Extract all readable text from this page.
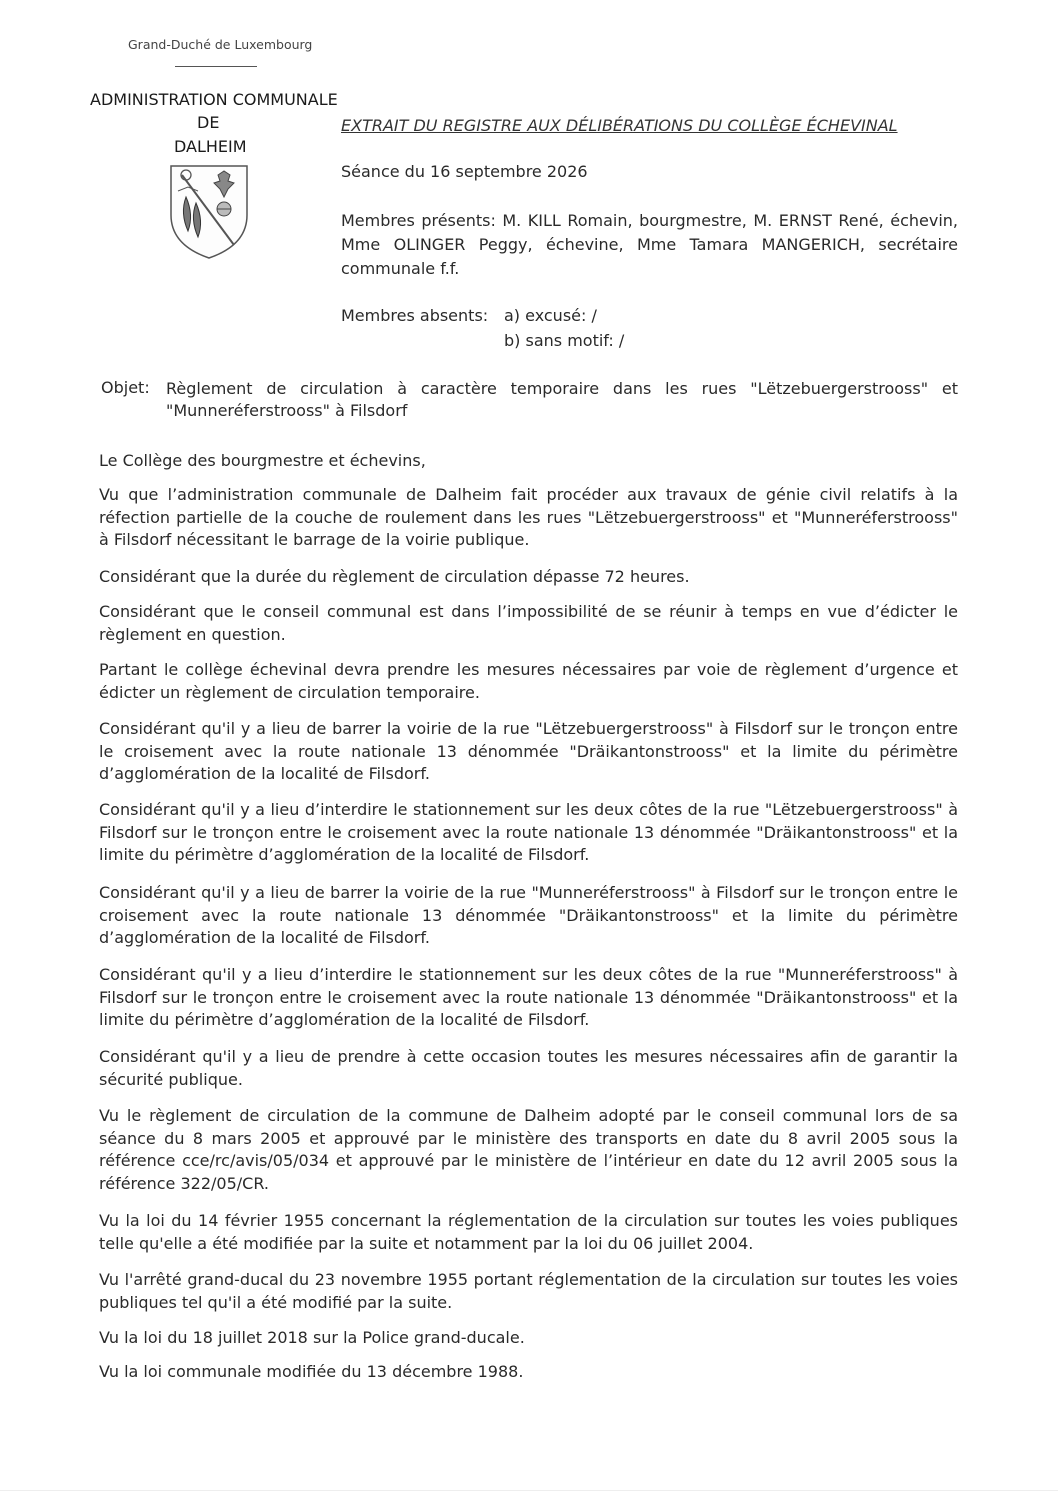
Grand-Duché de Luxembourg
ADMINISTRATION COMMUNALE
DE
DALHEIM
EXTRAIT DU REGISTRE AUX DÉLIBÉRATIONS DU COLLÈGE ÉCHEVINAL
Séance du 16 septembre 2026
Membres présents: M. KILL Romain, bourgmestre, M. ERNST René, échevin, Mme OLINGER Peggy, échevine, Mme Tamara MANGERICH, secrétaire communale f.f.
Membres absents: a) excusé: /
b) sans motif: /
Objet: Règlement de circulation à caractère temporaire dans les rues "Lëtzebuergerstrooss" et "Munneréferstrooss" à Filsdorf
Le Collège des bourgmestre et échevins,

Vu que l’administration communale de Dalheim fait procéder aux travaux de génie civil relatifs à la réfection partielle de la couche de roulement dans les rues "Lëtzebuergerstrooss" et "Munneréferstrooss" à Filsdorf nécessitant le barrage de la voirie publique.

Considérant que la durée du règlement de circulation dépasse 72 heures.

Considérant que le conseil communal est dans l’impossibilité de se réunir à temps en vue d’édicter le règlement en question.

Partant le collège échevinal devra prendre les mesures nécessaires par voie de règlement d’urgence et édicter un règlement de circulation temporaire.

Considérant qu'il y a lieu de barrer la voirie de la rue "Lëtzebuergerstrooss" à Filsdorf sur le tronçon entre le croisement avec la route nationale 13 dénommée "Dräikantonstrooss" et la limite du périmètre d’agglomération de la localité de Filsdorf.

Considérant qu'il y a lieu d’interdire le stationnement sur les deux côtes de la rue "Lëtzebuergerstrooss" à Filsdorf sur le tronçon entre le croisement avec la route nationale 13 dénommée "Dräikantonstrooss" et la limite du périmètre d’agglomération de la localité de Filsdorf.

Considérant qu'il y a lieu de barrer la voirie de la rue "Munneréferstrooss" à Filsdorf sur le tronçon entre le croisement avec la route nationale 13 dénommée "Dräikantonstrooss" et la limite du périmètre d’agglomération de la localité de Filsdorf.

Considérant qu'il y a lieu d’interdire le stationnement sur les deux côtes de la rue "Munneréferstrooss" à Filsdorf sur le tronçon entre le croisement avec la route nationale 13 dénommée "Dräikantonstrooss" et la limite du périmètre d’agglomération de la localité de Filsdorf.

Considérant qu'il y a lieu de prendre à cette occasion toutes les mesures nécessaires afin de garantir la sécurité publique.

Vu le règlement de circulation de la commune de Dalheim adopté par le conseil communal lors de sa séance du 8 mars 2005 et approuvé par le ministère des transports en date du 8 avril 2005 sous la référence cce/rc/avis/05/034 et approuvé par le ministère de l’intérieur en date du 12 avril 2005 sous la référence 322/05/CR.

Vu la loi du 14 février 1955 concernant la réglementation de la circulation sur toutes les voies publiques telle qu'elle a été modifiée par la suite et notamment par la loi du 06 juillet 2004.

Vu l'arrêté grand-ducal du 23 novembre 1955 portant réglementation de la circulation sur toutes les voies publiques tel qu'il a été modifié par la suite.

Vu la loi du 18 juillet 2018 sur la Police grand-ducale.

Vu la loi communale modifiée du 13 décembre 1988.
